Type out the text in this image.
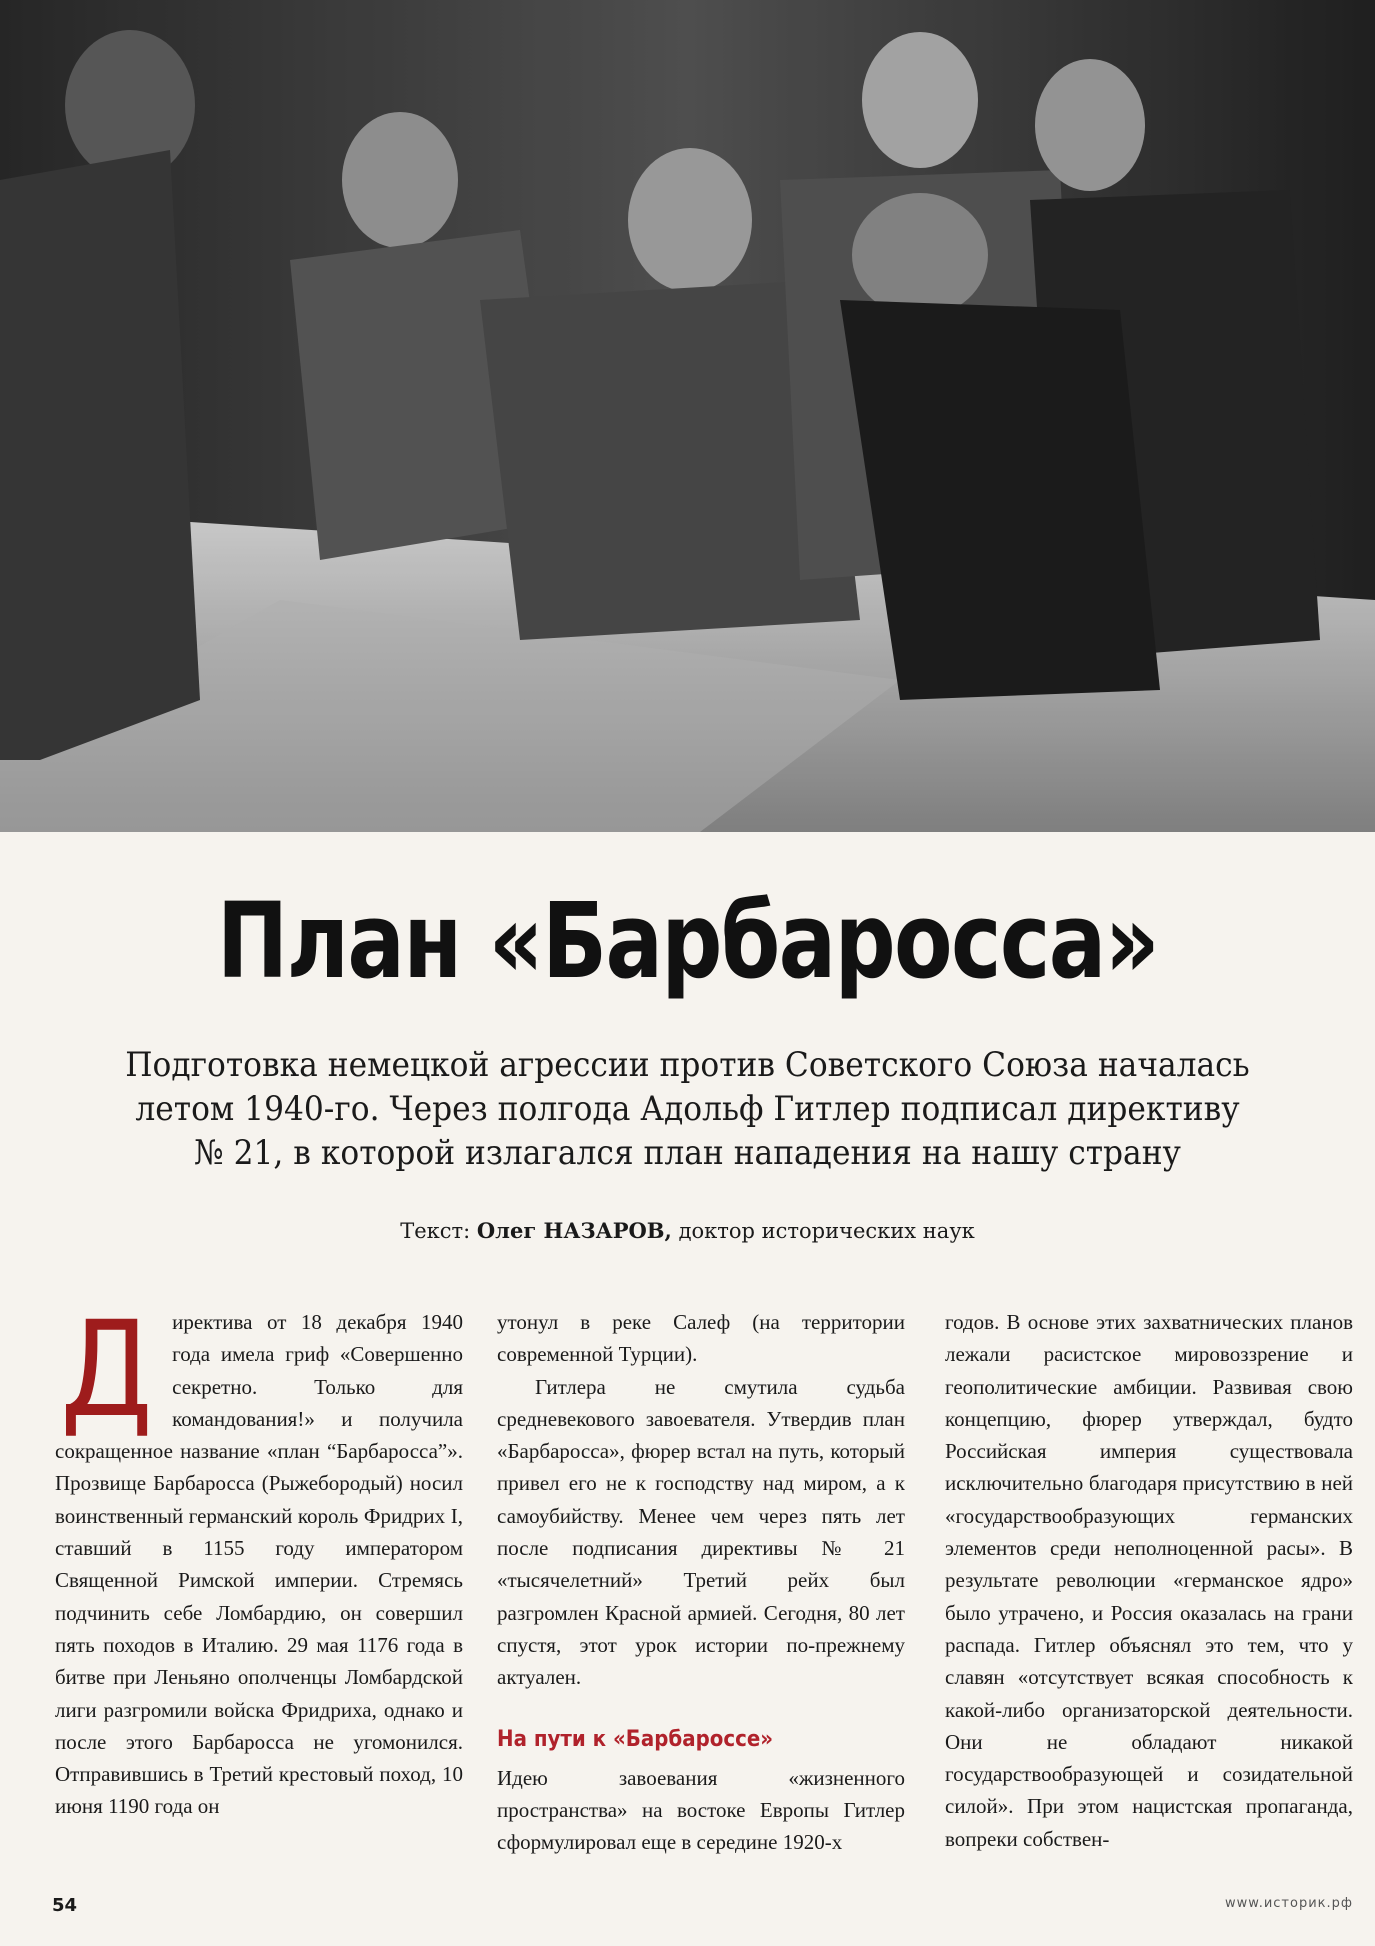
План «Барбаросса»
Подготовка немецкой агрессии против Советского Союза началась летом 1940-го. Через полгода Адольф Гитлер подписал директиву № 21, в которой излагался план нападения на нашу страну
Текст: Олег НАЗАРОВ, доктор исторических наук

Директива от 18 декабря 1940 года имела гриф «Совершенно секретно. Только для командования!» и получила сокращенное название «план “Барбаросса”». Прозвище Барбаросса (Рыжебородый) носил воинственный германский король Фридрих I, ставший в 1155 году императором Священной Римской империи. Стремясь подчинить себе Ломбардию, он совершил пять походов в Италию. 29 мая 1176 года в битве при Леньяно ополченцы Ломбардской лиги разгромили войска Фридриха, однако и после этого Барбаросса не угомонился. Отправившись в Третий крестовый поход, 10 июня 1190 года он

утонул в реке Салеф (на территории современной Турции).

Гитлера не смутила судьба средневекового завоевателя. Утвердив план «Барбаросса», фюрер встал на путь, который привел его не к господству над миром, а к самоубийству. Менее чем через пять лет после подписания директивы № 21 «тысячелетний» Третий рейх был разгромлен Красной армией. Сегодня, 80 лет спустя, этот урок истории по-прежнему актуален.

На пути к «Барбароссе»

Идею завоевания «жизненного пространства» на востоке Европы Гитлер сформулировал еще в середине 1920-х

годов. В основе этих захватнических планов лежали расистское мировоззрение и геополитические амбиции. Развивая свою концепцию, фюрер утверждал, будто Российская империя существовала исключительно благодаря присутствию в ней «государствообразующих германских элементов среди неполноценной расы». В результате революции «германское ядро» было утрачено, и Россия оказалась на грани распада. Гитлер объяснял это тем, что у славян «отсутствует всякая способность к какой-либо организаторской деятельности. Они не обладают никакой государствообразующей и созидательной силой». При этом нацистская пропаганда, вопреки собствен-

54	www.историк.рф
